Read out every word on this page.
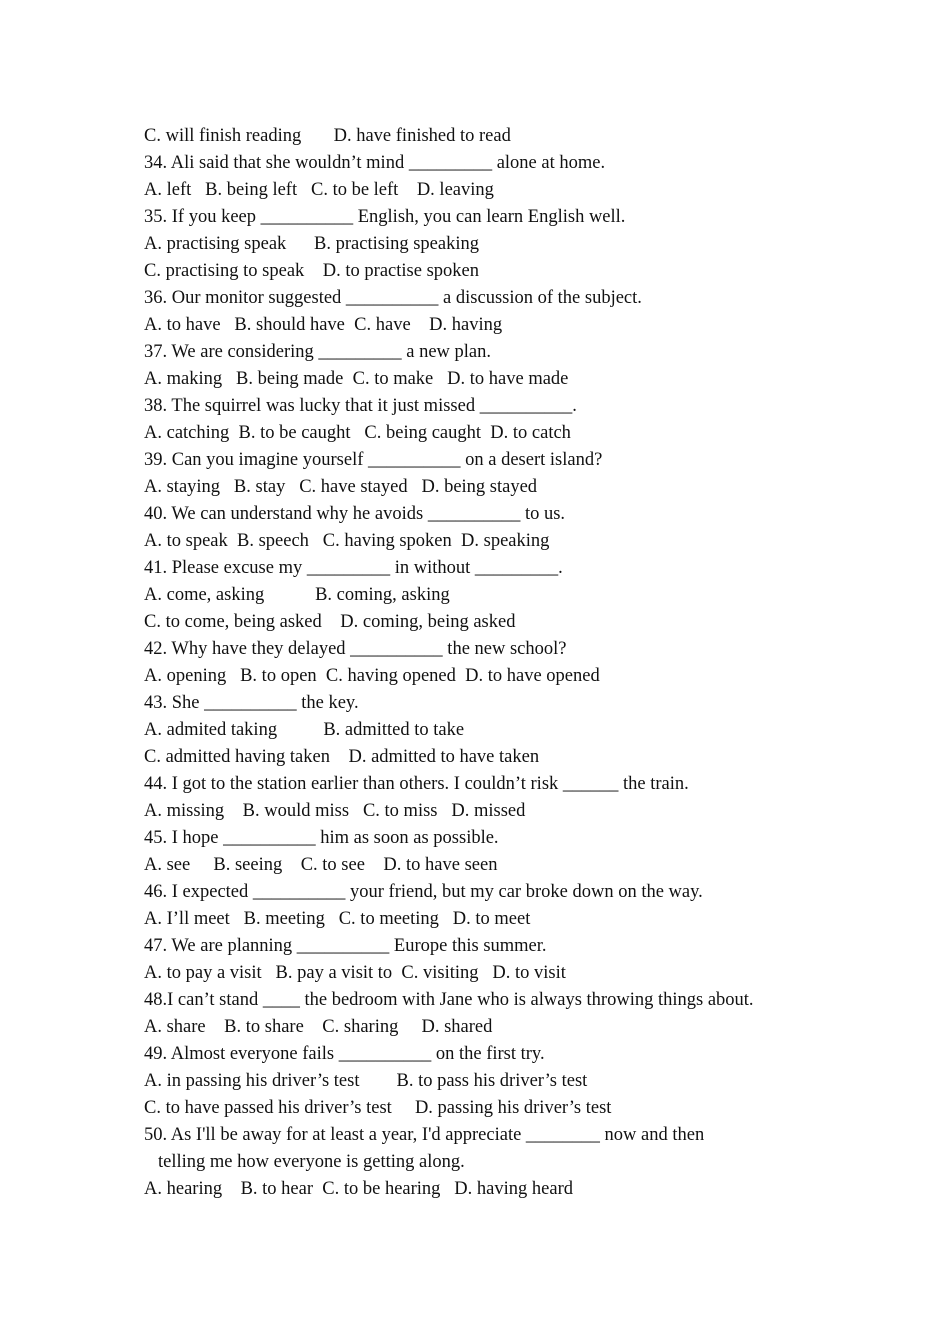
C. will finish reading       D. have finished to read

34. Ali said that she wouldn’t mind _________ alone at home.

A. left   B. being left   C. to be left    D. leaving

35. If you keep __________ English, you can learn English well.

A. practising speak      B. practising speaking

C. practising to speak    D. to practise spoken

36. Our monitor suggested __________ a discussion of the subject.

A. to have   B. should have  C. have    D. having

37. We are considering _________ a new plan.

A. making   B. being made  C. to make   D. to have made

38. The squirrel was lucky that it just missed __________.

A. catching  B. to be caught   C. being caught  D. to catch

39. Can you imagine yourself __________ on a desert island?

A. staying   B. stay   C. have stayed   D. being stayed

40. We can understand why he avoids __________ to us.

A. to speak  B. speech   C. having spoken  D. speaking

41. Please excuse my _________ in without _________.

A. come, asking           B. coming, asking

C. to come, being asked    D. coming, being asked

42. Why have they delayed __________ the new school?

A. opening   B. to open  C. having opened  D. to have opened

43. She __________ the key.

A. admited taking          B. admitted to take

C. admitted having taken    D. admitted to have taken

44. I got to the station earlier than others. I couldn’t risk ______ the train.

A. missing    B. would miss   C. to miss   D. missed

45. I hope __________ him as soon as possible.

A. see     B. seeing    C. to see    D. to have seen

46. I expected __________ your friend, but my car broke down on the way.

A. I’ll meet   B. meeting   C. to meeting   D. to meet

47. We are planning __________ Europe this summer.

A. to pay a visit   B. pay a visit to  C. visiting   D. to visit

48.I can’t stand ____ the bedroom with Jane who is always throwing things about.

A. share    B. to share    C. sharing     D. shared

49. Almost everyone fails __________ on the first try.

A. in passing his driver’s test        B. to pass his driver’s test

C. to have passed his driver’s test     D. passing his driver’s test

50. As I'll be away for at least a year, I'd appreciate ________ now and then

telling me how everyone is getting along.

A. hearing    B. to hear  C. to be hearing   D. having heard
